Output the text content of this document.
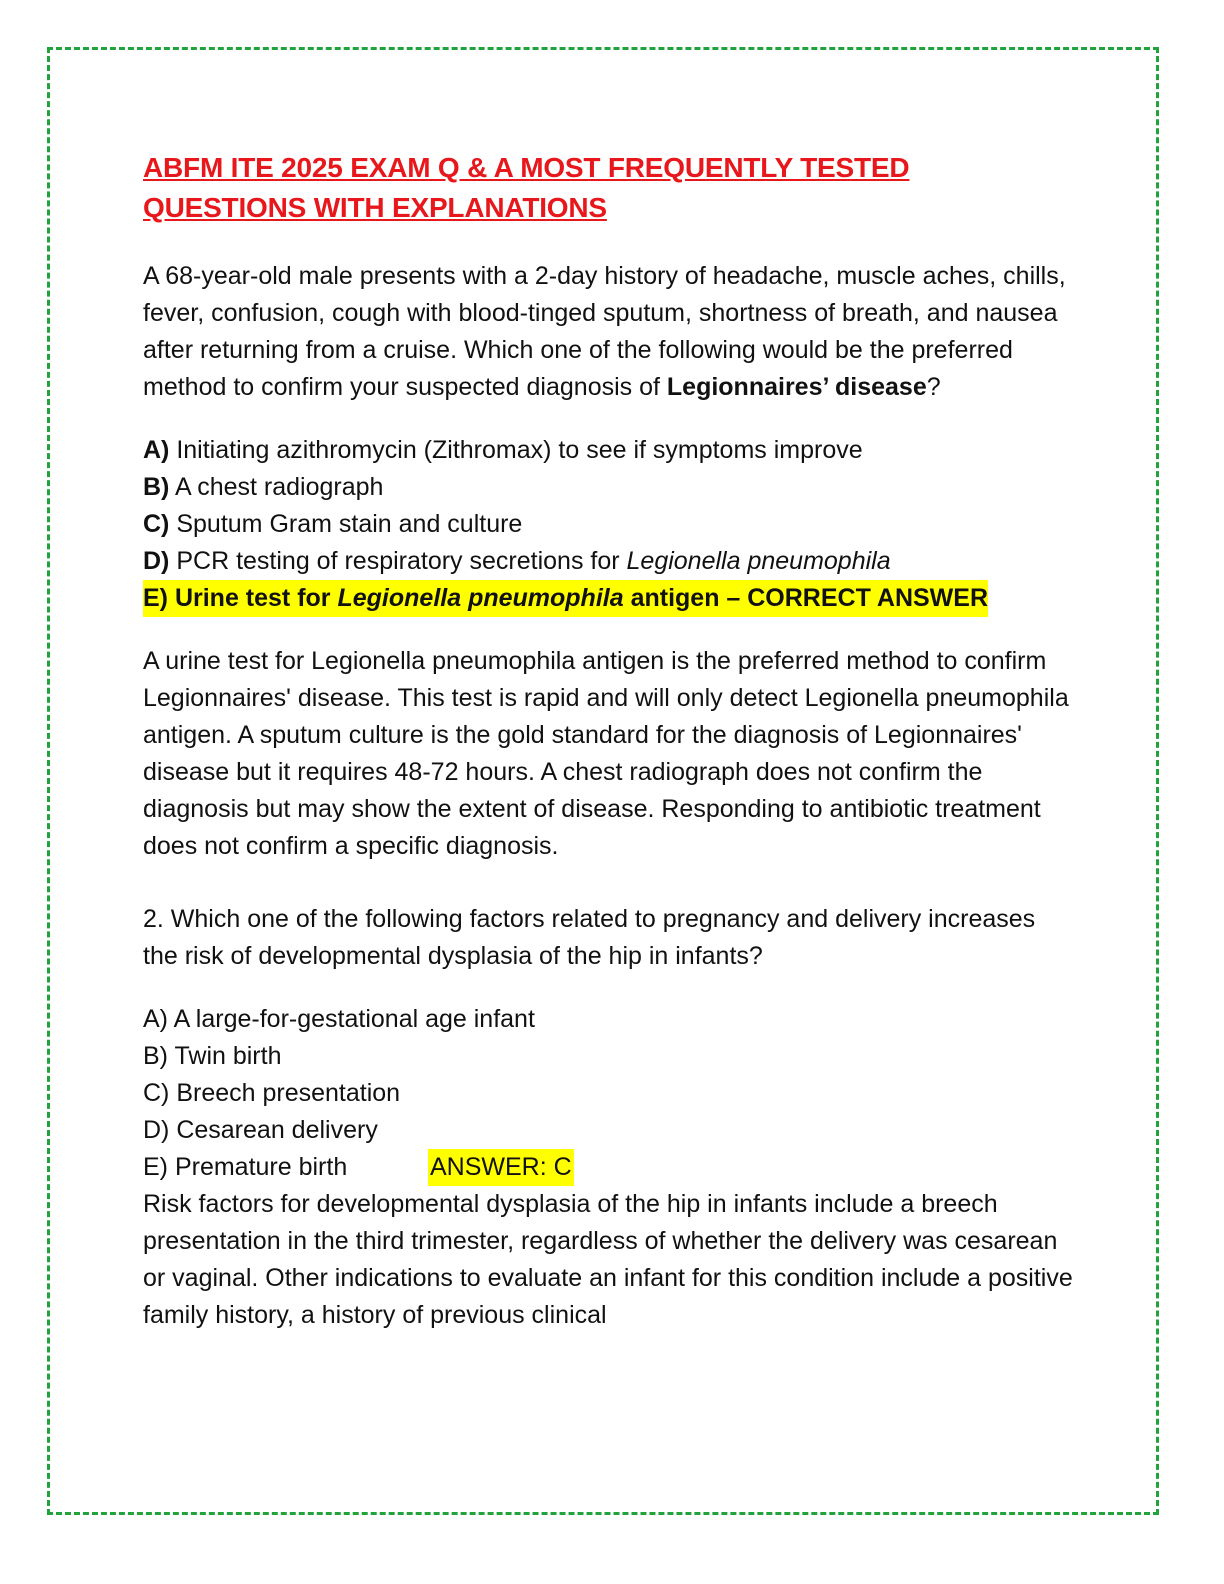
ABFM ITE 2025 EXAM Q & A MOST FREQUENTLY TESTED
QUESTIONS WITH EXPLANATIONS

A 68-year-old male presents with a 2-day history of headache, muscle aches, chills, fever, confusion, cough with blood-tinged sputum, shortness of breath, and nausea after returning from a cruise. Which one of the following would be the preferred method to confirm your suspected diagnosis of Legionnaires’ disease?

A) Initiating azithromycin (Zithromax) to see if symptoms improve
B) A chest radiograph
C) Sputum Gram stain and culture
D) PCR testing of respiratory secretions for Legionella pneumophila
E) Urine test for Legionella pneumophila antigen – CORRECT ANSWER

A urine test for Legionella pneumophila antigen is the preferred method to confirm Legionnaires' disease. This test is rapid and will only detect Legionella pneumophila antigen. A sputum culture is the gold standard for the diagnosis of Legionnaires' disease but it requires 48-72 hours. A chest radiograph does not confirm the diagnosis but may show the extent of disease. Responding to antibiotic treatment does not confirm a specific diagnosis.

2. Which one of the following factors related to pregnancy and delivery increases the risk of developmental dysplasia of the hip in infants?

A) A large-for-gestational age infant
B) Twin birth
C) Breech presentation
D) Cesarean delivery
E) Premature birth	ANSWER: C

Risk factors for developmental dysplasia of the hip in infants include a breech presentation in the third trimester, regardless of whether the delivery was cesarean or vaginal. Other indications to evaluate an infant for this condition include a positive family history, a history of previous clinical
